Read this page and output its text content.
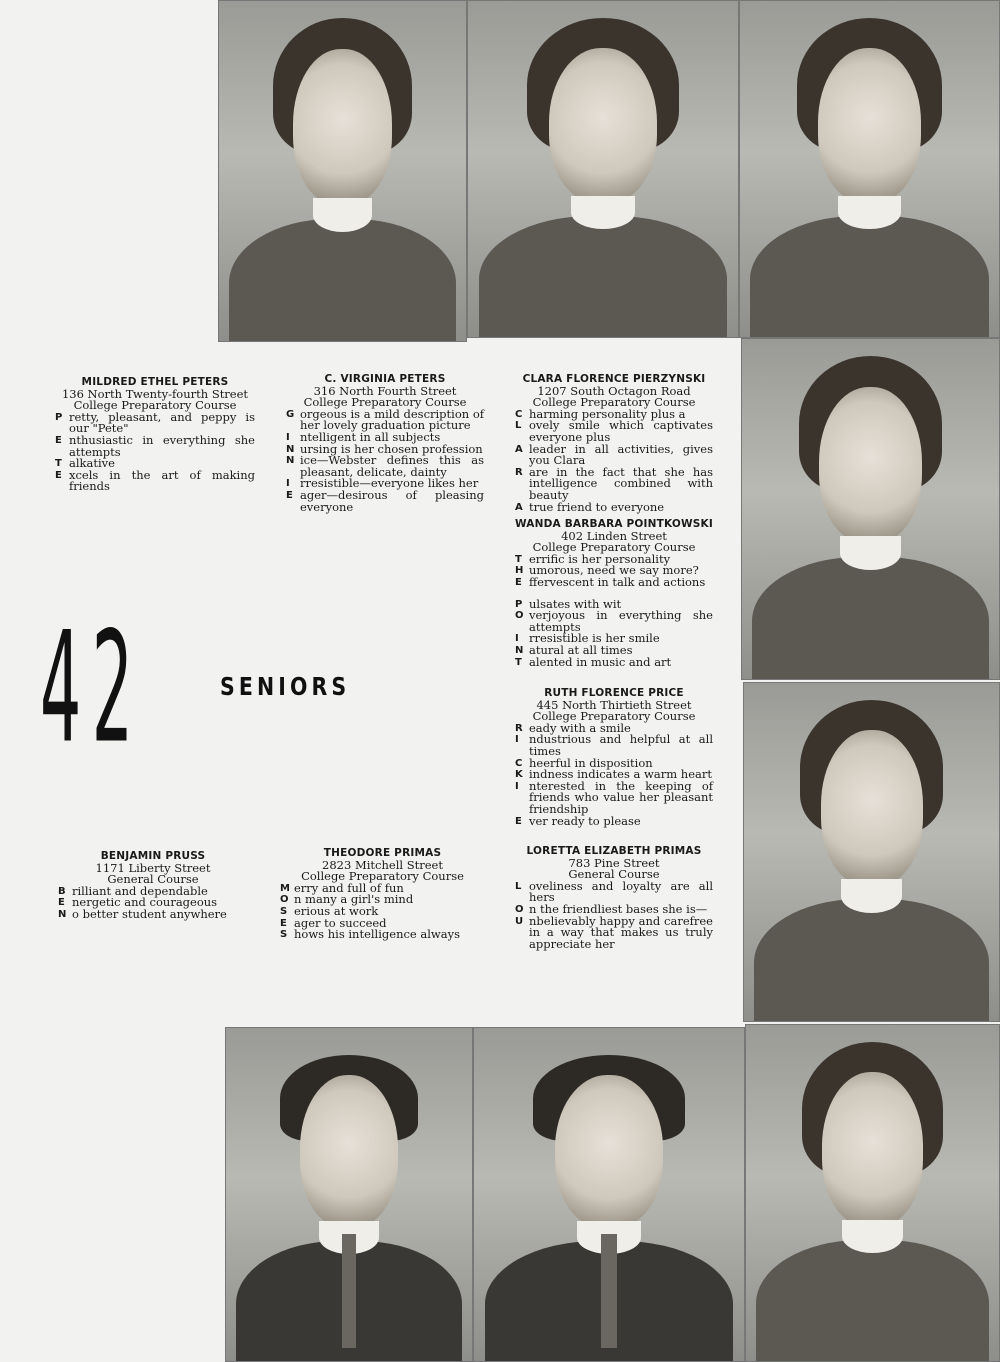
42	SENIORS
MILDRED ETHEL PETERS
136 North Twenty-fourth Street
College Preparatory Course
P retty, pleasant, and peppy is our "Pete"
E nthusiastic in everything she attempts
T alkative
E xcels in the art of making friends
C. VIRGINIA PETERS
316 North Fourth Street
College Preparatory Course
G orgeous is a mild description of her lovely graduation picture
I ntelligent in all subjects
N ursing is her chosen profession
N ice—Webster defines this as pleasant, delicate, dainty
I rresistible—everyone likes her
E ager—desirous of pleasing everyone
CLARA FLORENCE PIERZYNSKI
1207 South Octagon Road
College Preparatory Course
C harming personality plus a
L ovely smile which captivates everyone plus
A leader in all activities, gives you Clara
R are in the fact that she has intelligence combined with beauty
A true friend to everyone
WANDA BARBARA POINTKOWSKI
402 Linden Street
College Preparatory Course
T errific is her personality
H umorous, need we say more?
E ffervescent in talk and actions
P ulsates with wit
O verjoyous in everything she attempts
I rresistible is her smile
N atural at all times
T alented in music and art
RUTH FLORENCE PRICE
445 North Thirtieth Street
College Preparatory Course
R eady with a smile
I ndustrious and helpful at all times
C heerful in disposition
K indness indicates a warm heart
I nterested in the keeping of friends who value her pleasant friendship
E ver ready to please
BENJAMIN PRUSS
1171 Liberty Street
General Course
B rilliant and dependable
E nergetic and courageous
N o better student anywhere
THEODORE PRIMAS
2823 Mitchell Street
College Preparatory Course
M erry and full of fun
O n many a girl's mind
S erious at work
E ager to succeed
S hows his intelligence always
LORETTA ELIZABETH PRIMAS
783 Pine Street
General Course
L oveliness and loyalty are all hers
O n the friendliest bases she is—
U nbelievably happy and carefree in a way that makes us truly appreciate her
